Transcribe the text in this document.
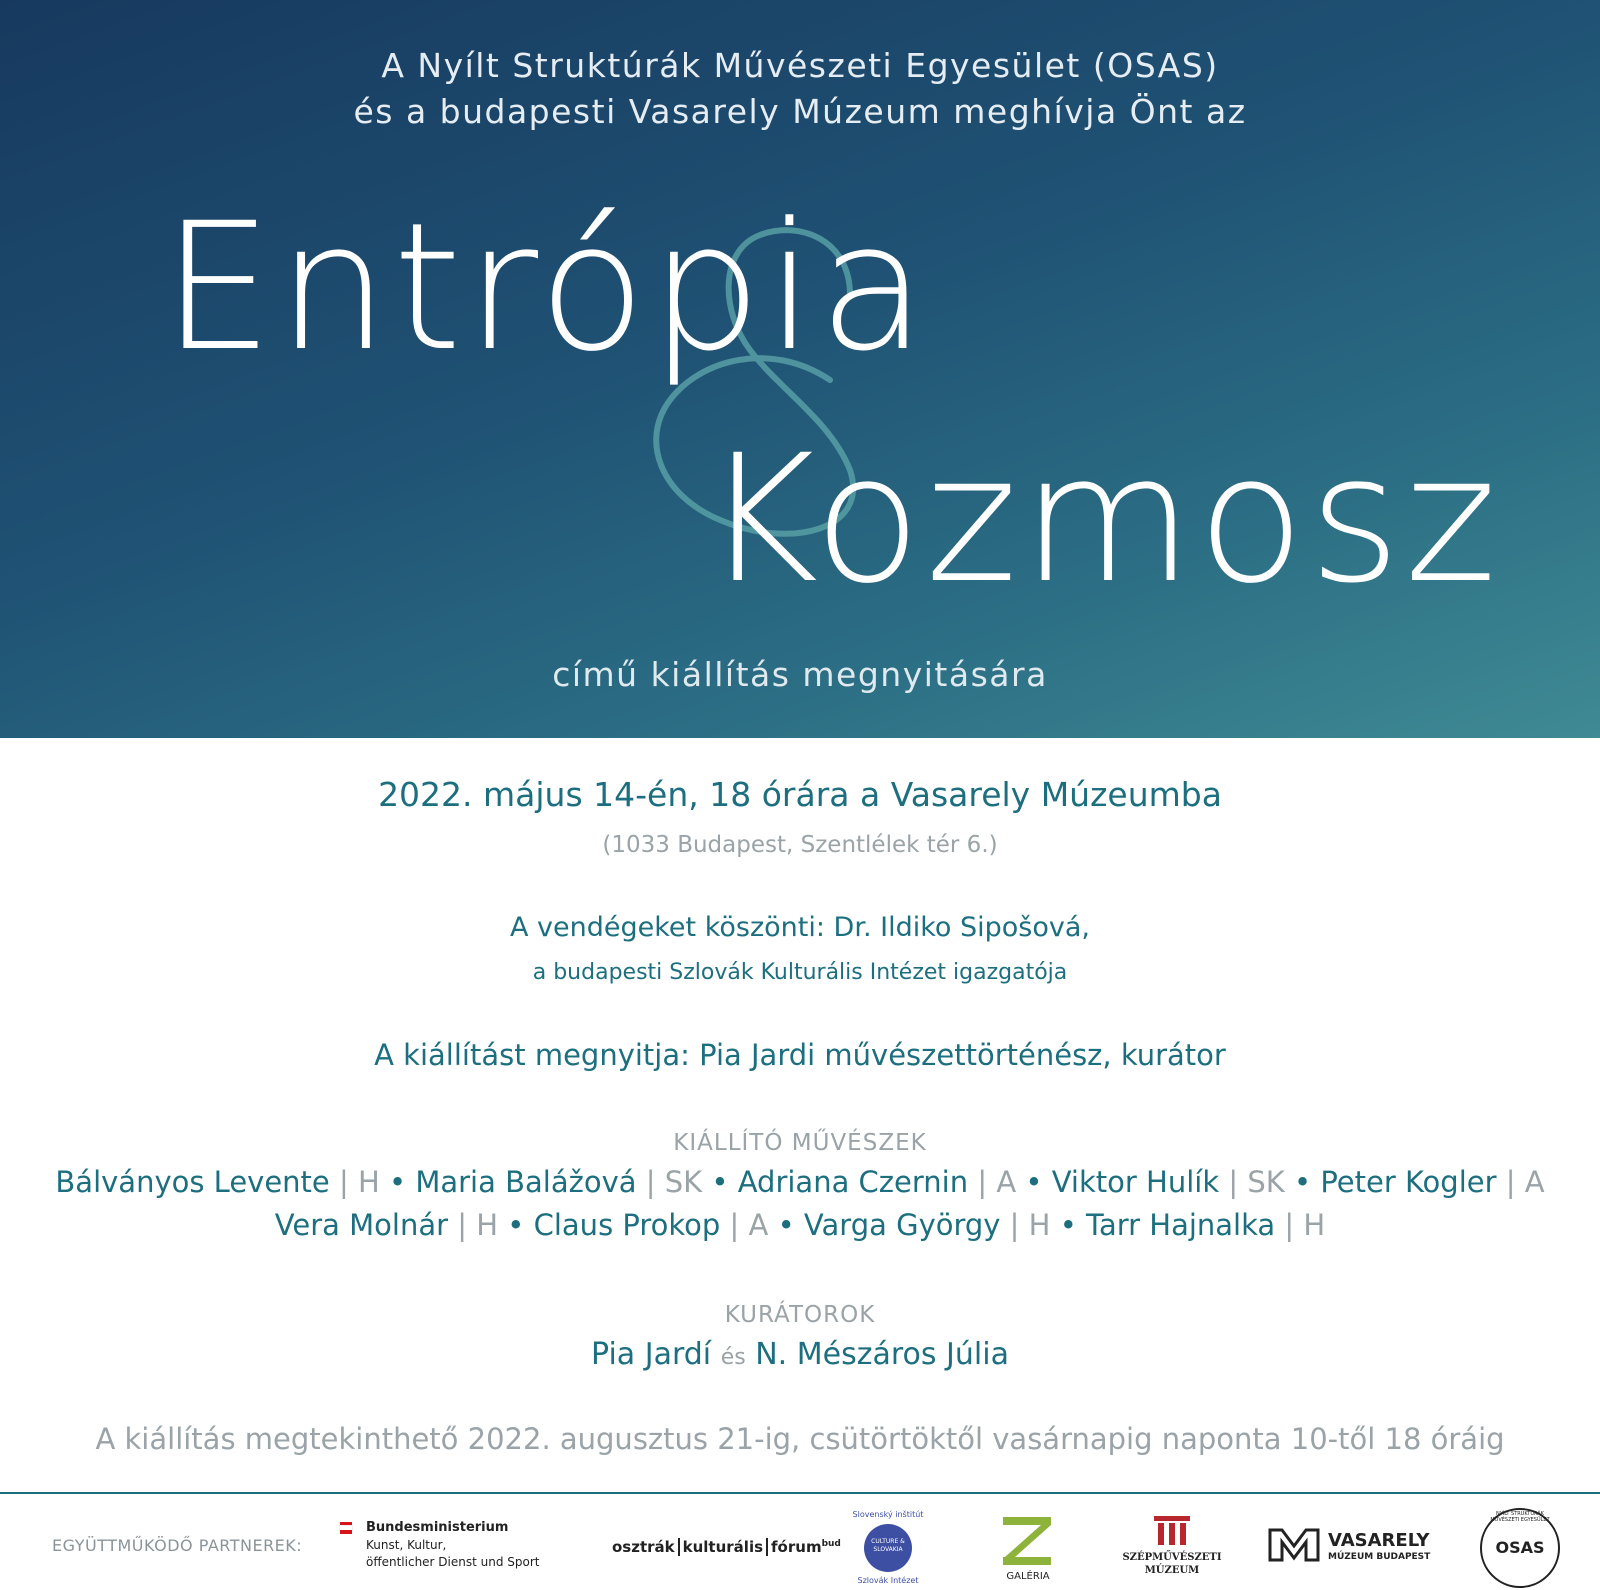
A Nyílt Struktúrák Művészeti Egyesület (OSAS)
és a budapesti Vasarely Múzeum meghívja Önt az
Entrópia
Kozmosz
című kiállítás megnyitására
2022. május 14-én, 18 órára a Vasarely Múzeumba
(1033 Budapest, Szentlélek tér 6.)
A vendégeket köszönti: Dr. Ildiko Sipošová,
a budapesti Szlovák Kulturális Intézet igazgatója
A kiállítást megnyitja: Pia Jardi művészettörténész, kurátor
KIÁLLÍTÓ MŰVÉSZEK
Bálványos Levente | H • Maria Balážová | SK • Adriana Czernin | A • Viktor Hulík | SK • Peter Kogler | A
Vera Molnár | H • Claus Prokop | A • Varga György | H • Tarr Hajnalka | H
KURÁTOROK
Pia Jardí és N. Mészáros Júlia
A kiállítás megtekinthető 2022. augusztus 21-ig, csütörtöktől vasárnapig naponta 10-től 18 óráig
EGYÜTTMŰKÖDŐ PARTNEREK:
Bundesministerium
Kunst, Kultur,
öffentlicher Dienst und Sport
osztrák kulturális fórum$^{bud}$
Slovenský inštitút
CULTURE &
SLOVAKIA
Szlovák Intézet	GALÉRIA
SZÉPMŰVÉSZETI
MÚZEUM
VASARELY
MÚZEUM BUDAPEST
NYÍLT STRUKTÚRÁK MŰVÉSZETI EGYESÜLET
OSAS
